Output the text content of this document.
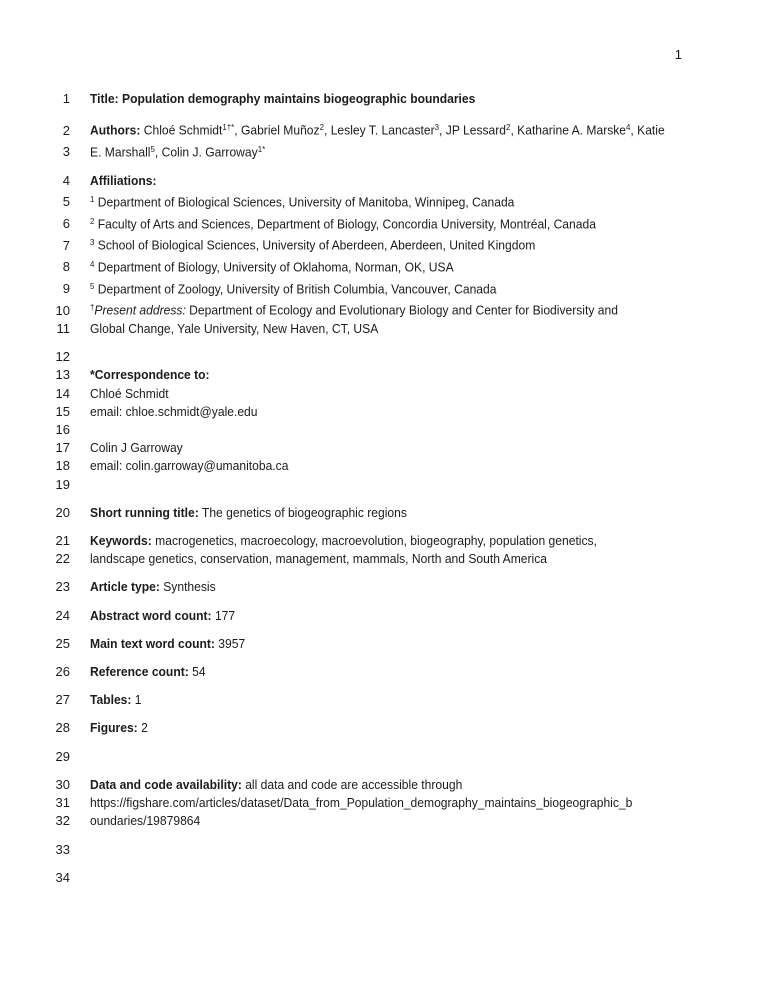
1
1 Title: Population demography maintains biogeographic boundaries
2 Authors: Chloé Schmidt$^{1\dagger*}$, Gabriel Muñoz$^2$, Lesley T. Lancaster$^3$, JP Lessard$^2$, Katharine A. Marske$^4$, Katie
3 E. Marshall$^5$, Colin J. Garroway$^{1*}$
4 Affiliations:
5 $^1$ Department of Biological Sciences, University of Manitoba, Winnipeg, Canada
6 $^2$ Faculty of Arts and Sciences, Department of Biology, Concordia University, Montréal, Canada
7 $^3$ School of Biological Sciences, University of Aberdeen, Aberdeen, United Kingdom
8 $^4$ Department of Biology, University of Oklahoma, Norman, OK, USA
9 $^5$ Department of Zoology, University of British Columbia, Vancouver, Canada
10 †Present address: Department of Ecology and Evolutionary Biology and Center for Biodiversity and
11 Global Change, Yale University, New Haven, CT, USA
12
13 *Correspondence to:
14 Chloé Schmidt
15 email: chloe.schmidt@yale.edu
16
17 Colin J Garroway
18 email: colin.garroway@umanitoba.ca
19
20 Short running title: The genetics of biogeographic regions
21 Keywords: macrogenetics, macroecology, macroevolution, biogeography, population genetics,
22 landscape genetics, conservation, management, mammals, North and South America
23 Article type: Synthesis
24 Abstract word count: 177
25 Main text word count: 3957
26 Reference count: 54
27 Tables: 1
28 Figures: 2
29
30 Data and code availability: all data and code are accessible through
31 https://figshare.com/articles/dataset/Data_from_Population_demography_maintains_biogeographic_b
32 oundaries/19879864
33
34
